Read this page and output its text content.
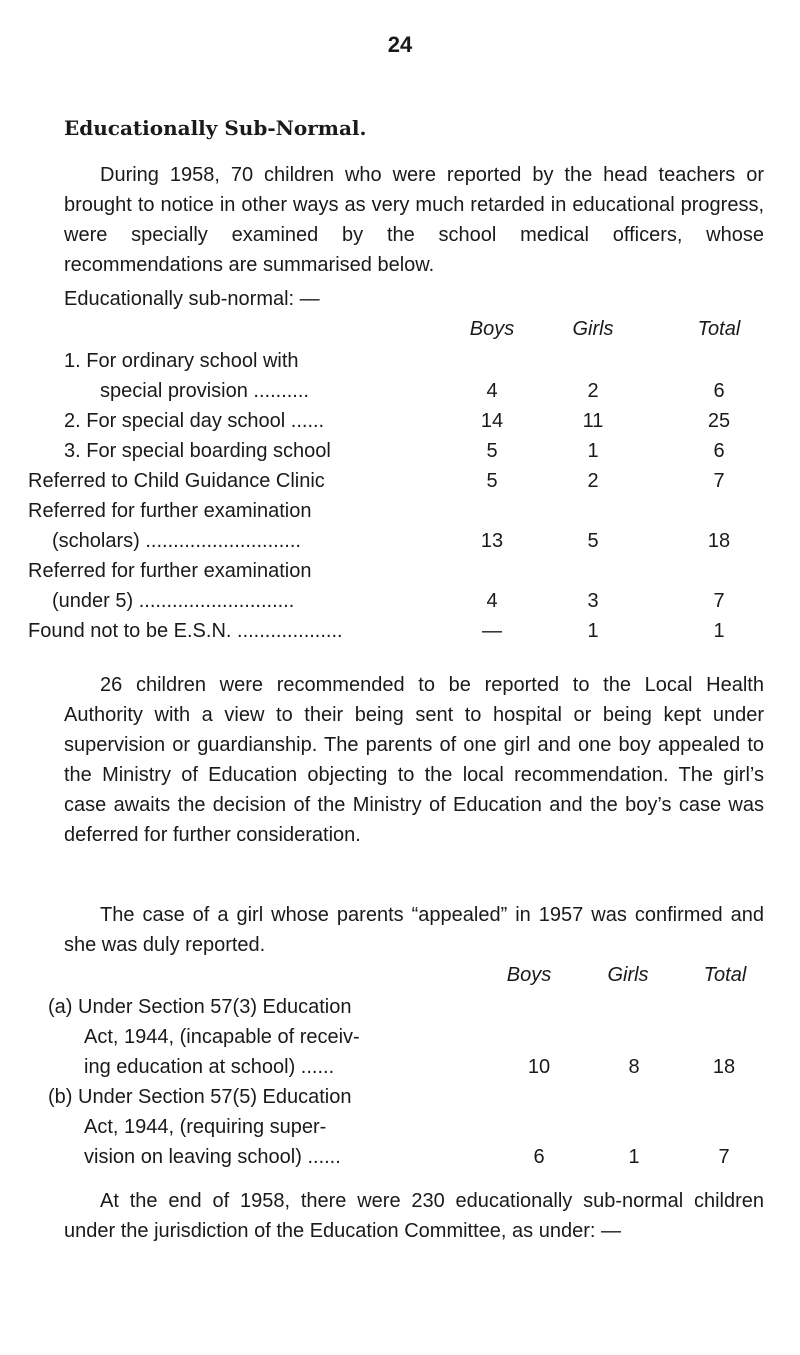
24
Educationally Sub-Normal.

During 1958, 70 children who were reported by the head teachers or brought to notice in other ways as very much retarded in educational progress, were specially examined by the school medical officers, whose recommendations are summarised below.

Educationally sub-normal: —
Boys	Girls	Total
1. For ordinary school with
special provision ..........	4	2	6
2. For special day school ......	14	11	25
3. For special boarding school	5	1	6
Referred to Child Guidance Clinic	5	2	7
Referred for further examination
(scholars) ............................	13	5	18
Referred for further examination
(under 5) ............................	4	3	7
Found not to be E.S.N. ...................	—	1	1

26 children were recommended to be reported to the Local Health Authority with a view to their being sent to hospital or being kept under supervision or guardianship. The parents of one girl and one boy appealed to the Ministry of Education objecting to the local recommendation. The girl’s case awaits the decision of the Ministry of Education and the boy’s case was deferred for further consideration.

The case of a girl whose parents “appealed” in 1957 was confirmed and she was duly reported.

Boys	Girls	Total
(a) Under Section 57(3) Education
Act, 1944, (incapable of receiv-
ing education at school) ......	10	8	18
(b) Under Section 57(5) Education
Act, 1944, (requiring super-
vision on leaving school) ......	6	1	7

At the end of 1958, there were 230 educationally sub-normal children under the jurisdiction of the Education Committee, as under: —
